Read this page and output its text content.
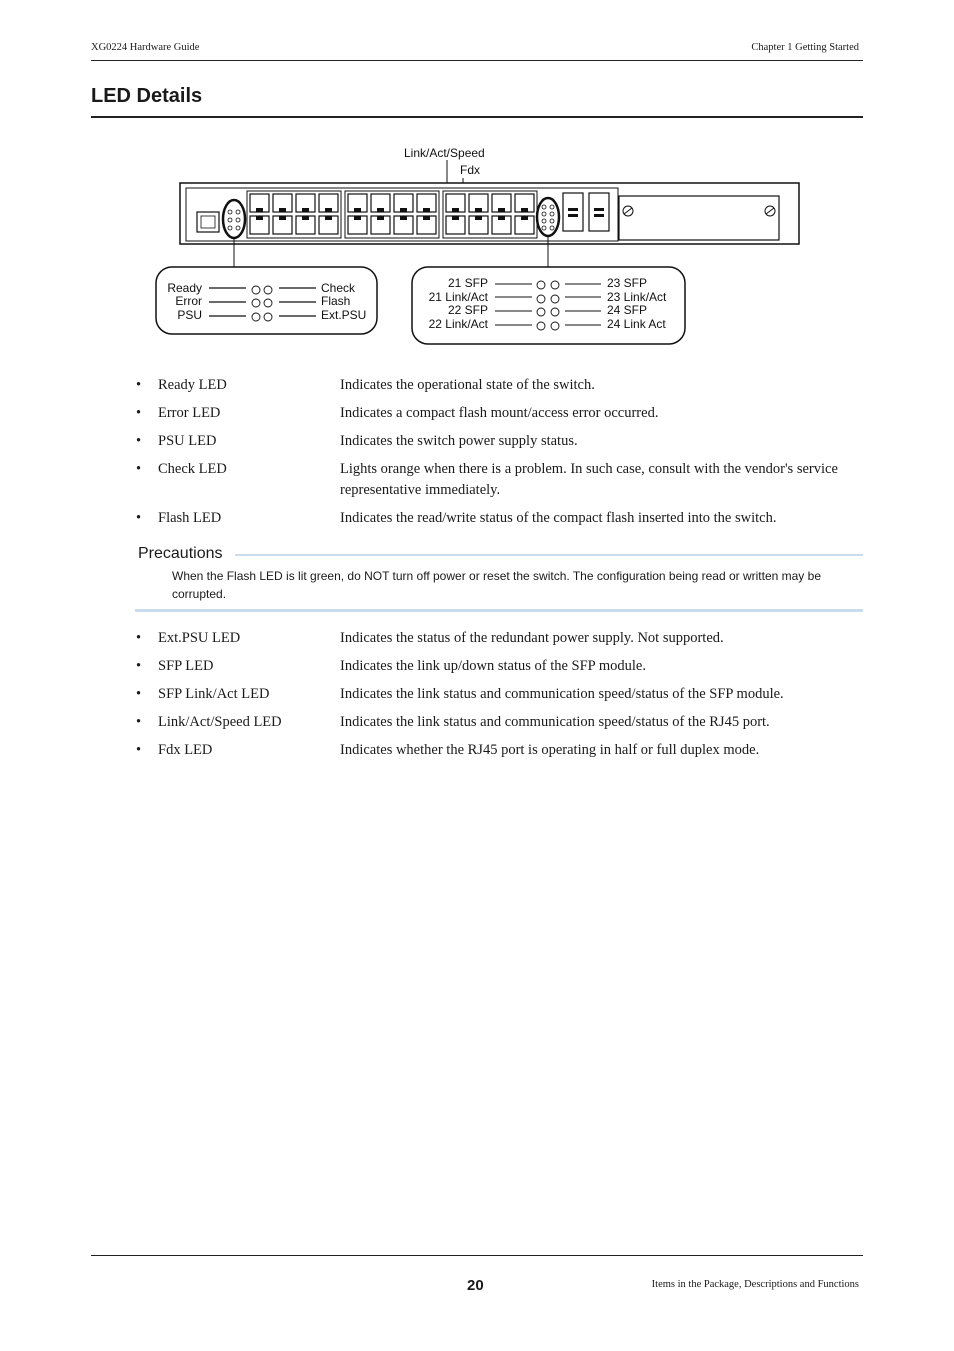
XG0224 Hardware Guide	Chapter 1 Getting Started
LED Details
Link/Act/Speed
Fdx
Ready
Error
PSU
Check
Flash
Ext.PSU
21 SFP
21 Link/Act
22 SFP
22 Link/Act
23 SFP
23 Link/Act
24 SFP
24 Link Act
• Ready LED	Indicates the operational state of the switch.
• Error LED	Indicates a compact flash mount/access error occurred.
• PSU LED	Indicates the switch power supply status.
• Check LED	Lights orange when there is a problem. In such case, consult with the vendor's service representative immediately.
• Flash LED	Indicates the read/write status of the compact flash inserted into the switch.
Precautions
When the Flash LED is lit green, do NOT turn off power or reset the switch. The configuration being read or written may be corrupted.
• Ext.PSU LED	Indicates the status of the redundant power supply. Not supported.
• SFP LED	Indicates the link up/down status of the SFP module.
• SFP Link/Act LED	Indicates the link status and communication speed/status of the SFP module.
• Link/Act/Speed LED	Indicates the link status and communication speed/status of the RJ45 port.
• Fdx LED	Indicates whether the RJ45 port is operating in half or full duplex mode.
20	Items in the Package, Descriptions and Functions
